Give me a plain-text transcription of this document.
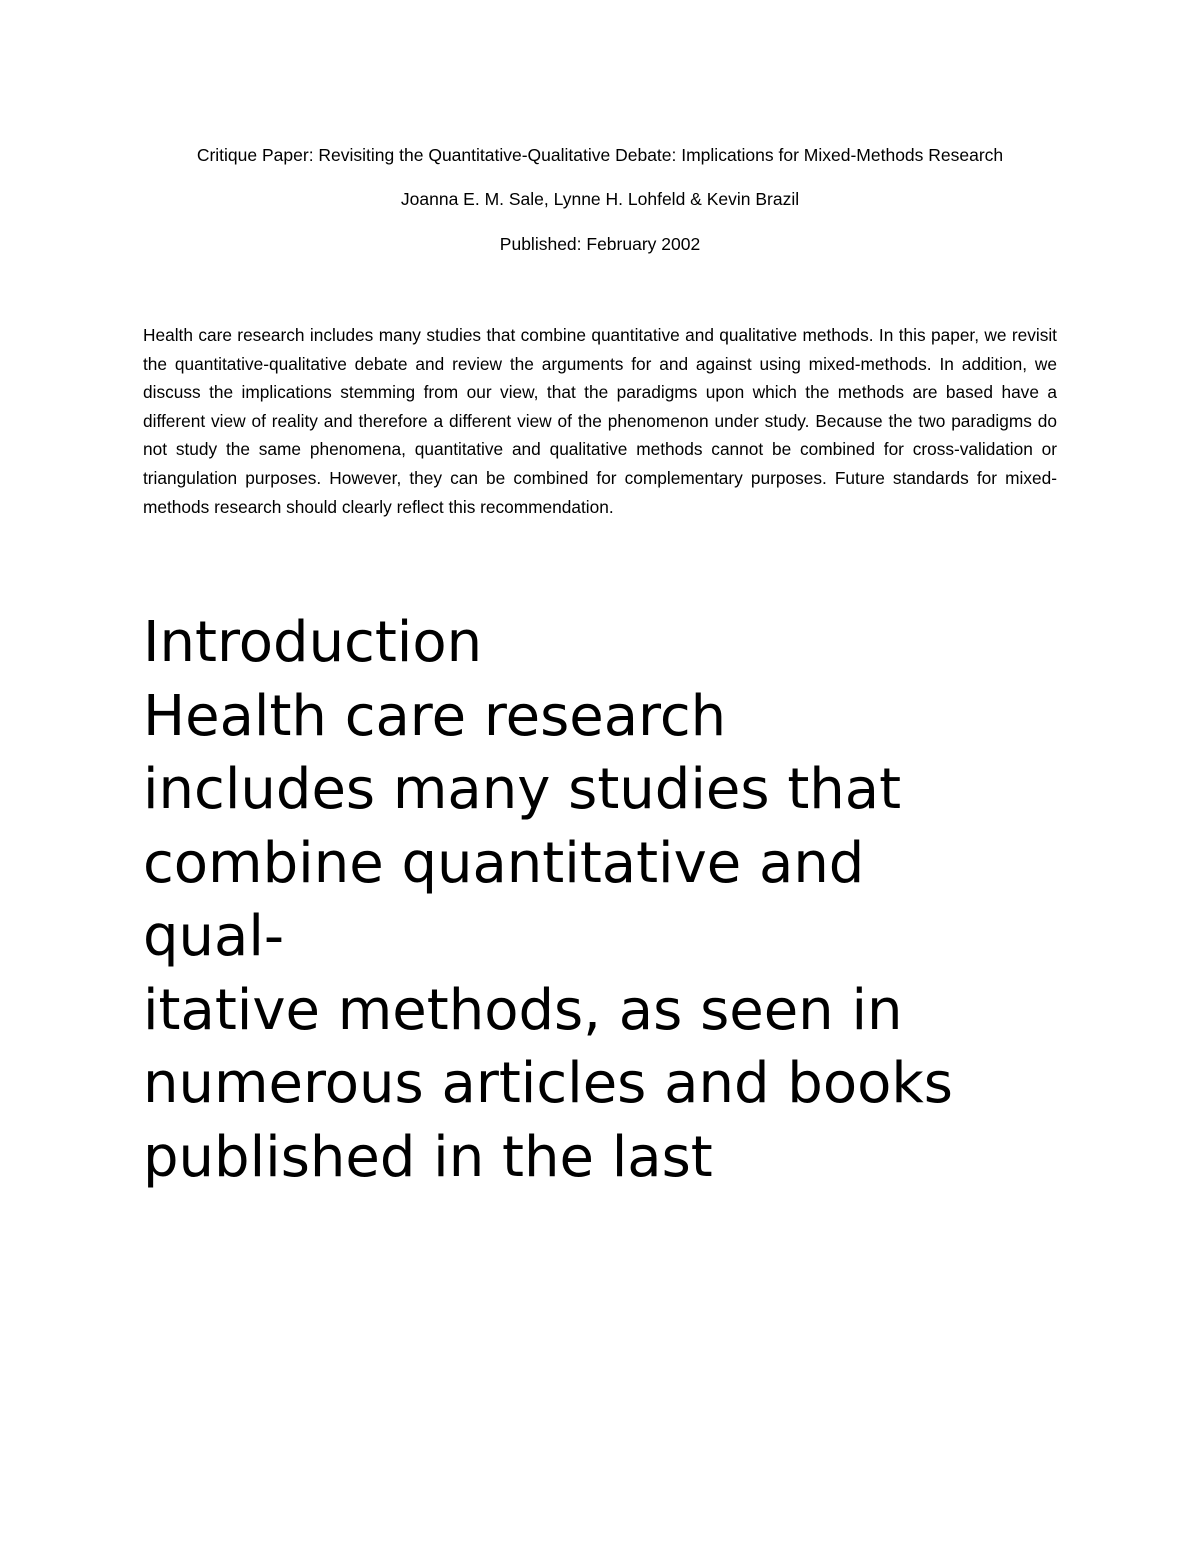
Critique Paper: Revisiting the Quantitative-Qualitative Debate: Implications for Mixed-Methods Research
Joanna E. M. Sale, Lynne H. Lohfeld & Kevin Brazil
Published: February 2002

Health care research includes many studies that combine quantitative and qualitative methods. In this paper, we revisit the quantitative-qualitative debate and review the arguments for and against using mixed-methods. In addition, we discuss the implications stemming from our view, that the paradigms upon which the methods are based have a different view of reality and therefore a different view of the phenomenon under study. Because the two paradigms do not study the same phenomena, quantitative and qualitative methods cannot be combined for cross-validation or triangulation purposes. However, they can be combined for complementary purposes. Future standards for mixed-methods research should clearly reflect this recommendation.

Introduction
Health care research
includes many studies that
combine quantitative and
qual-
itative methods, as seen in
numerous articles and books
published in the last
